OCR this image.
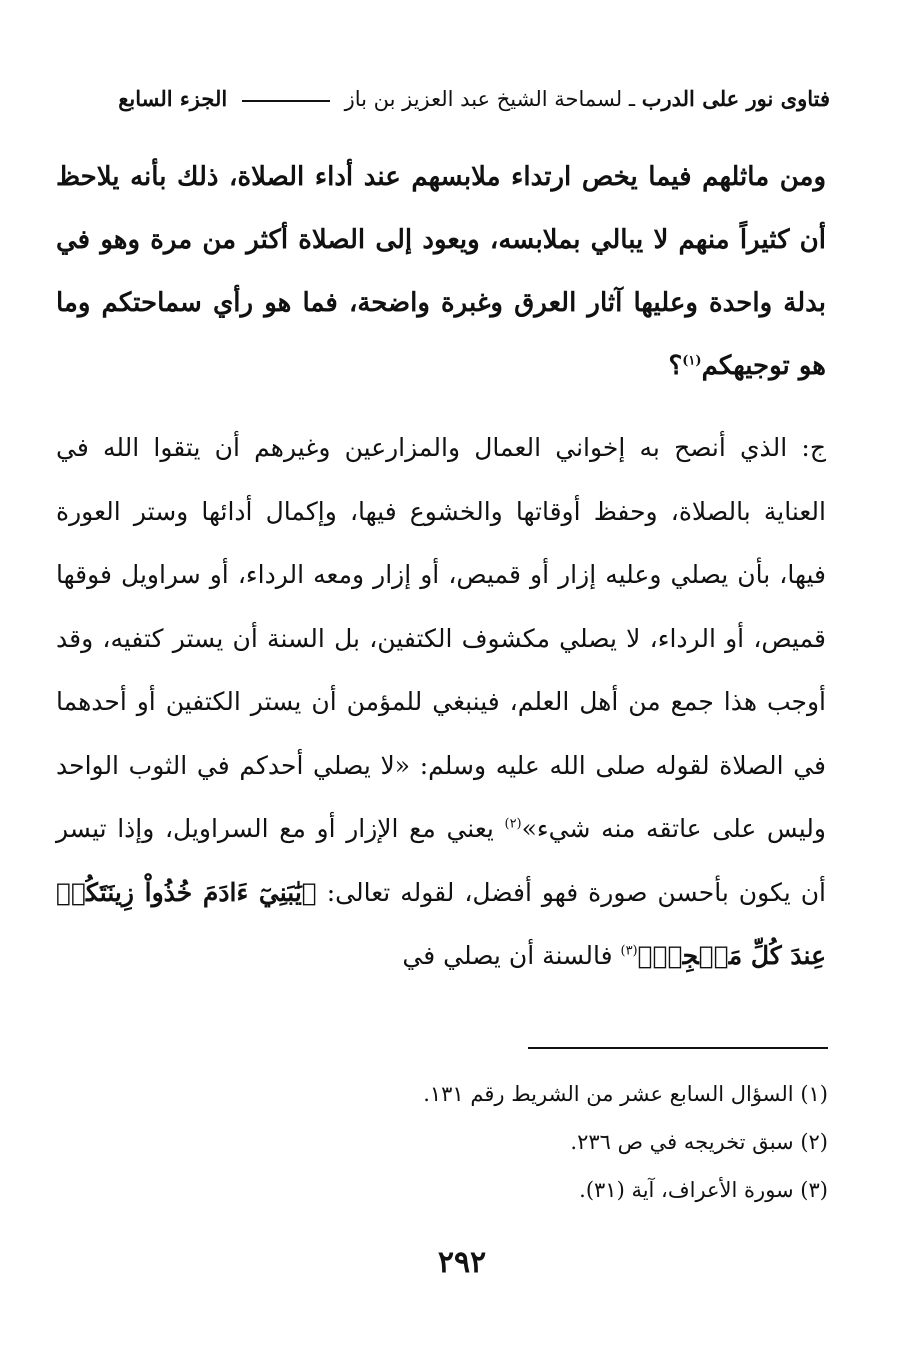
فتاوى نور على الدرب ـ لسماحة الشيخ عبد العزيز بن باز  الجزء السابع

ومن ماثلهم فيما يخص ارتداء ملابسهم عند أداء الصلاة، ذلك بأنه يلاحظ أن كثيراً منهم لا يبالي بملابسه، ويعود إلى الصلاة أكثر من مرة وهو في بدلة واحدة وعليها آثار العرق وغبرة واضحة، فما هو رأي سماحتكم وما هو توجيهكم$^{(١)}$؟

ج: الذي أنصح به إخواني العمال والمزارعين وغيرهم أن يتقوا الله في العناية بالصلاة، وحفظ أوقاتها والخشوع فيها، وإكمال أدائها وستر العورة فيها، بأن يصلي وعليه إزار أو قميص، أو إزار ومعه الرداء، أو سراويل فوقها قميص، أو الرداء، لا يصلي مكشوف الكتفين، بل السنة أن يستر كتفيه، وقد أوجب هذا جمع من أهل العلم، فينبغي للمؤمن أن يستر الكتفين أو أحدهما في الصلاة لقوله صلى الله عليه وسلم: «لا يصلي أحدكم في الثوب الواحد وليس على عاتقه منه شيء»$^{(٢)}$ يعني مع الإزار أو مع السراويل، وإذا تيسر أن يكون بأحسن صورة فهو أفضل، لقوله تعالى: ﴿يَٰبَنِيٓ ءَادَمَ خُذُواْ زِينَتَكُمۡ عِندَ كُلِّ مَسۡجِدٖ﴾$^{(٣)}$ فالسنة أن يصلي في

(١) السؤال السابع عشر من الشريط رقم ١٣١.

(٢) سبق تخريجه في ص ٢٣٦.

(٣) سورة الأعراف، آية (٣١).

٢٩٢
